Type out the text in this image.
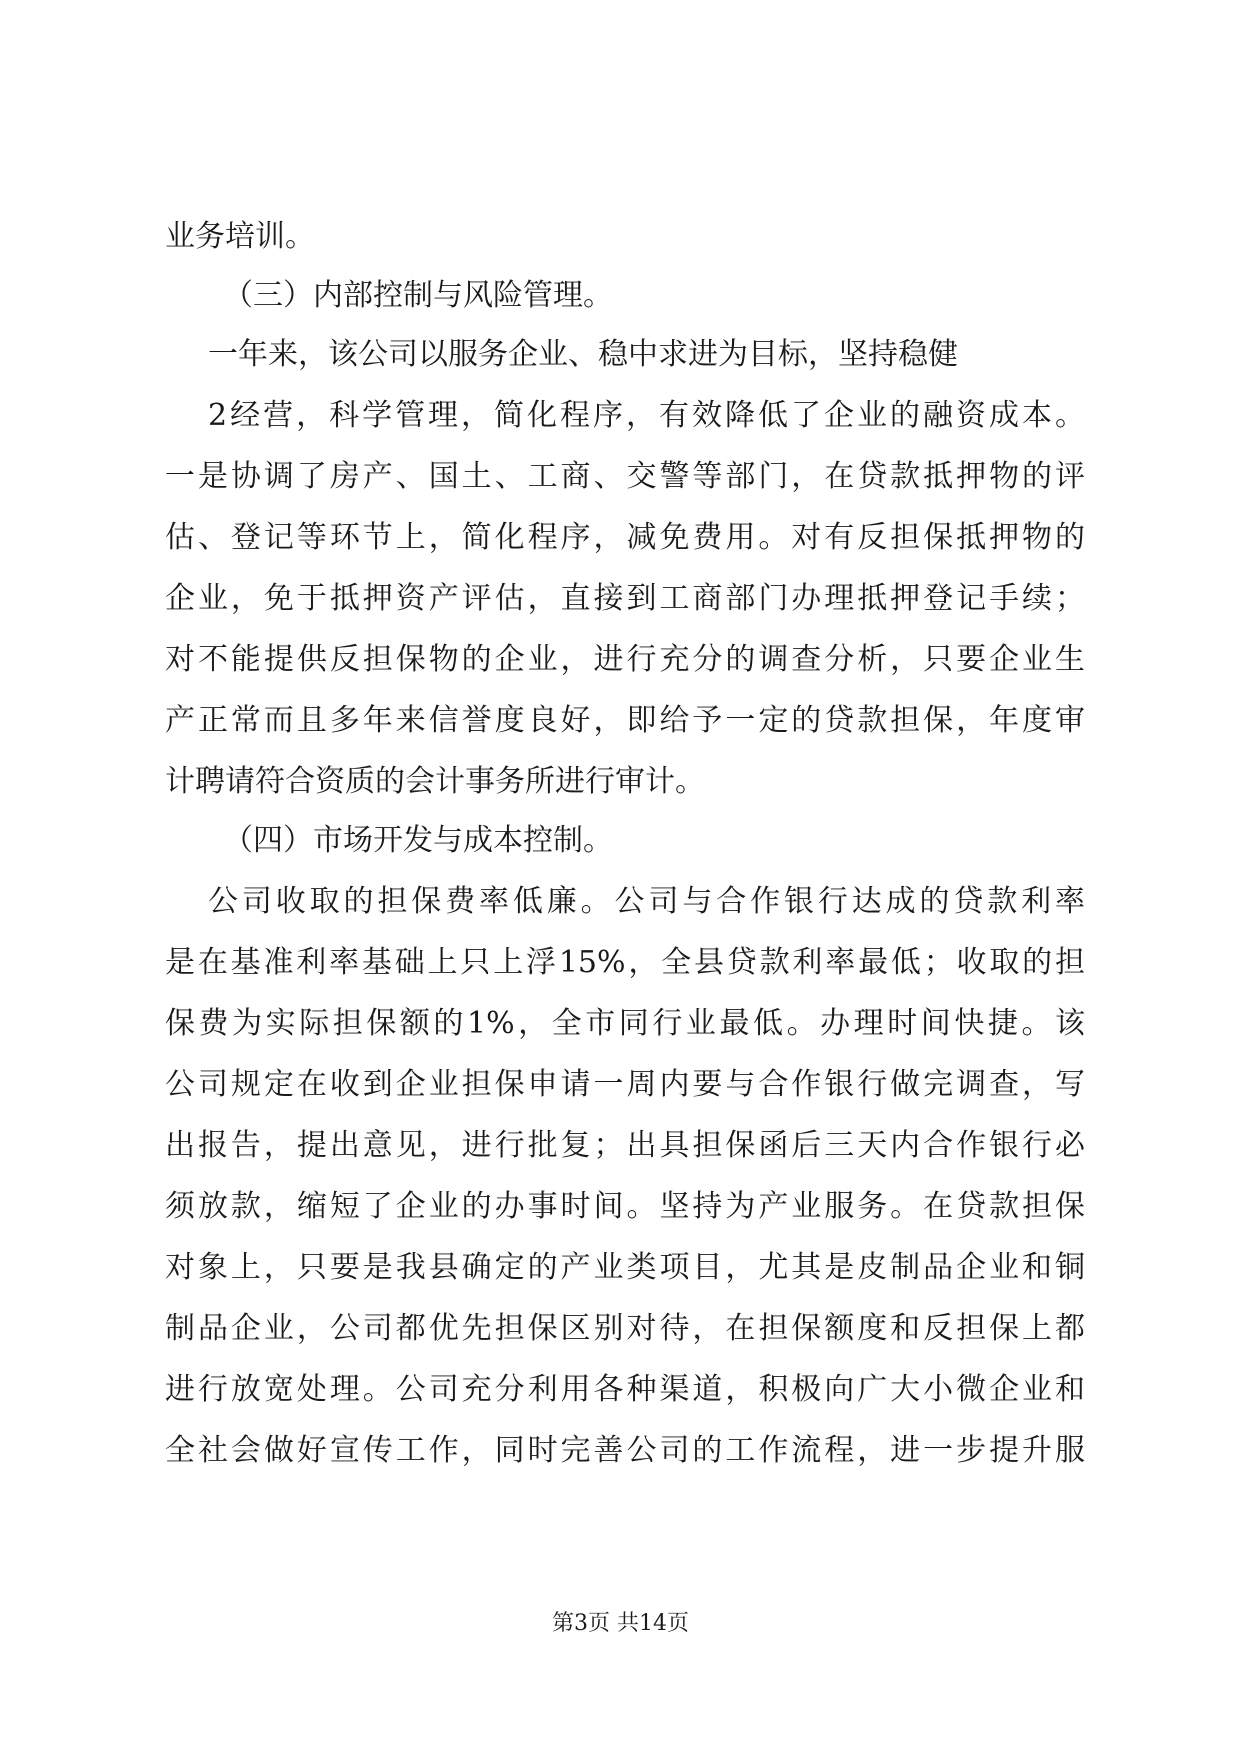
业务培训。
（三）内部控制与风险管理。
一年来，该公司以服务企业、稳中求进为目标，坚持稳健
2经营，科学管理，简化程序，有效降低了企业的融资成本。
一是协调了房产、国土、工商、交警等部门，在贷款抵押物的评
估、登记等环节上，简化程序，减免费用。对有反担保抵押物的
企业，免于抵押资产评估，直接到工商部门办理抵押登记手续；
对不能提供反担保物的企业，进行充分的调查分析，只要企业生
产正常而且多年来信誉度良好，即给予一定的贷款担保，年度审
计聘请符合资质的会计事务所进行审计。
（四）市场开发与成本控制。
公司收取的担保费率低廉。公司与合作银行达成的贷款利率
是在基准利率基础上只上浮15%，全县贷款利率最低；收取的担
保费为实际担保额的1%，全市同行业最低。办理时间快捷。该
公司规定在收到企业担保申请一周内要与合作银行做完调查，写
出报告，提出意见，进行批复；出具担保函后三天内合作银行必
须放款，缩短了企业的办事时间。坚持为产业服务。在贷款担保
对象上，只要是我县确定的产业类项目，尤其是皮制品企业和铜
制品企业，公司都优先担保区别对待，在担保额度和反担保上都
进行放宽处理。公司充分利用各种渠道，积极向广大小微企业和
全社会做好宣传工作，同时完善公司的工作流程，进一步提升服
第3页 共14页
